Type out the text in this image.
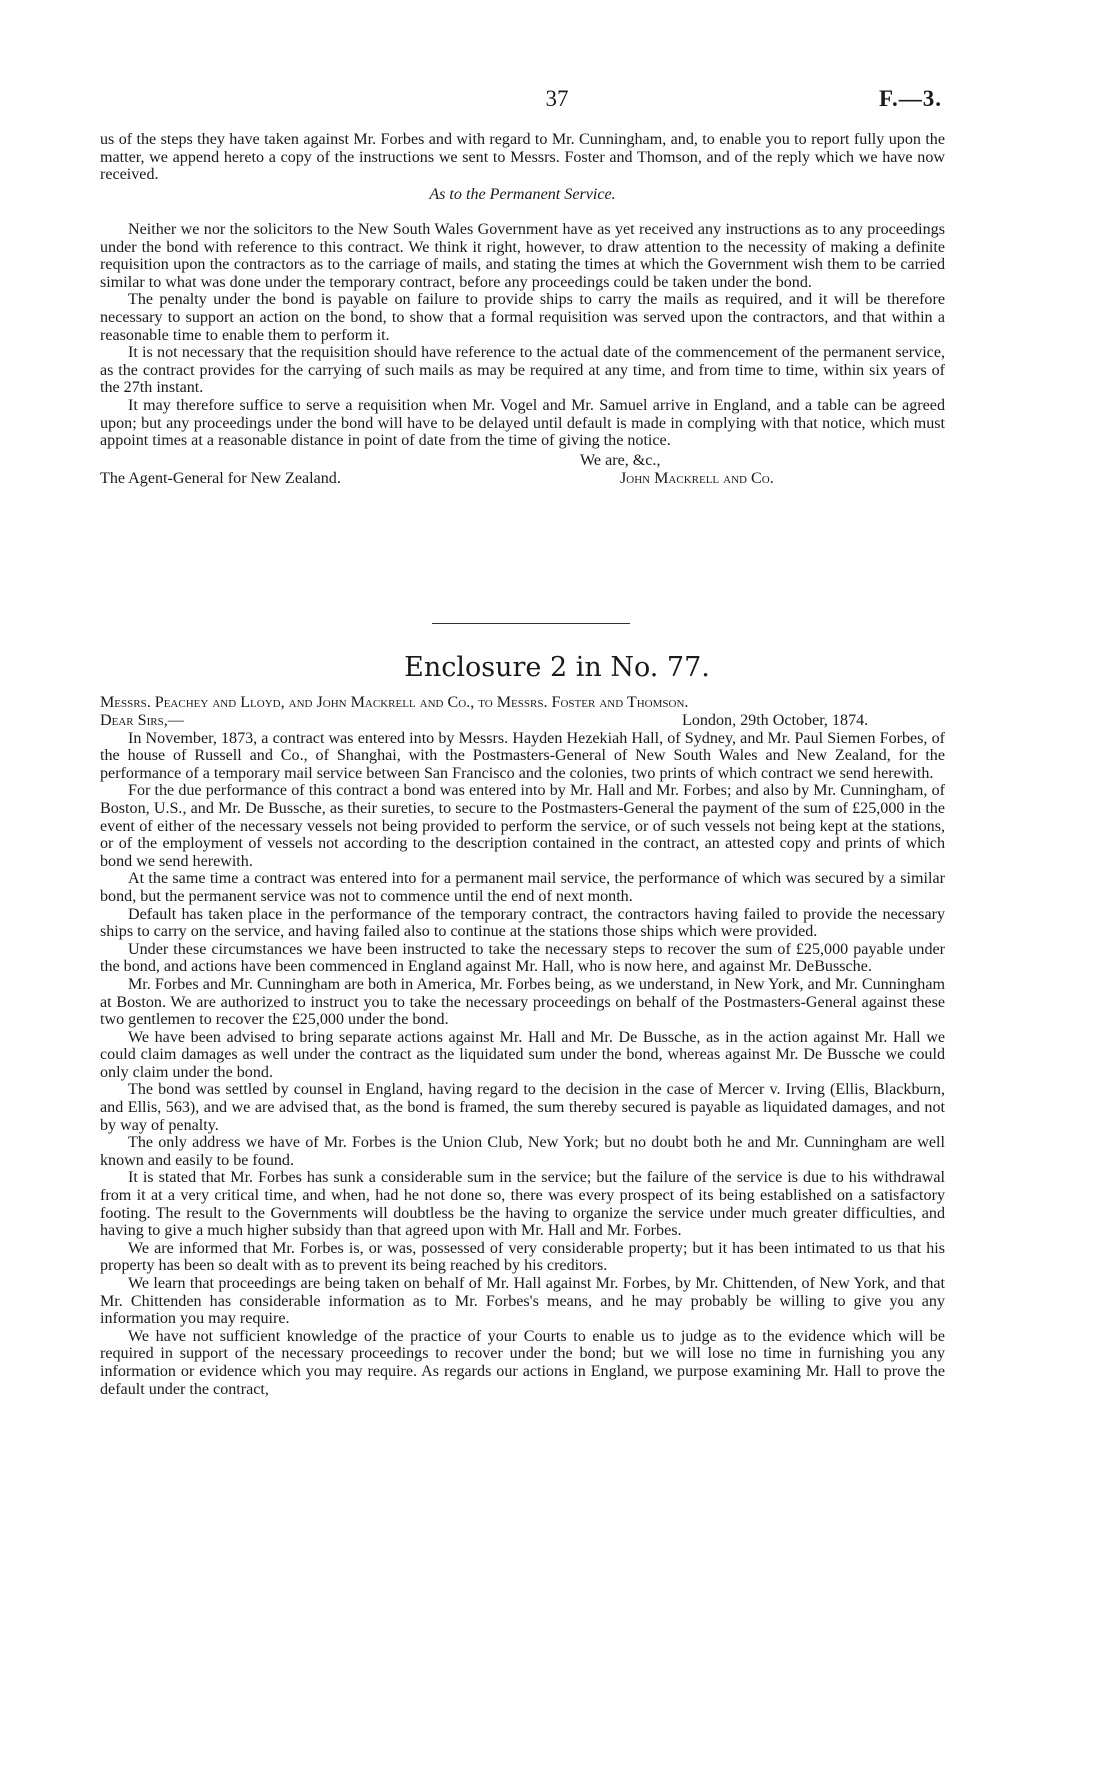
37	F.—3.

us of the steps they have taken against Mr. Forbes and with regard to Mr. Cunningham, and, to enable you to report fully upon the matter, we append hereto a copy of the instructions we sent to Messrs. Foster and Thomson, and of the reply which we have now received.

As to the Permanent Service.

Neither we nor the solicitors to the New South Wales Government have as yet received any instructions as to any proceedings under the bond with reference to this contract. We think it right, however, to draw attention to the necessity of making a definite requisition upon the contractors as to the carriage of mails, and stating the times at which the Government wish them to be carried similar to what was done under the temporary contract, before any proceedings could be taken under the bond.

The penalty under the bond is payable on failure to provide ships to carry the mails as required, and it will be therefore necessary to support an action on the bond, to show that a formal requisition was served upon the contractors, and that within a reasonable time to enable them to perform it.

It is not necessary that the requisition should have reference to the actual date of the commencement of the permanent service, as the contract provides for the carrying of such mails as may be required at any time, and from time to time, within six years of the 27th instant.

It may therefore suffice to serve a requisition when Mr. Vogel and Mr. Samuel arrive in England, and a table can be agreed upon; but any proceedings under the bond will have to be delayed until default is made in complying with that notice, which must appoint times at a reasonable distance in point of date from the time of giving the notice.

We are, &c.,
The Agent-General for New Zealand.	John Mackrell and Co.
Enclosure 2 in No. 77.

Messrs. Peachey and Lloyd, and John Mackrell and Co., to Messrs. Foster and Thomson.

Dear Sirs,—	London, 29th October, 1874.

In November, 1873, a contract was entered into by Messrs. Hayden Hezekiah Hall, of Sydney, and Mr. Paul Siemen Forbes, of the house of Russell and Co., of Shanghai, with the Postmasters-General of New South Wales and New Zealand, for the performance of a temporary mail service between San Francisco and the colonies, two prints of which contract we send herewith.

For the due performance of this contract a bond was entered into by Mr. Hall and Mr. Forbes; and also by Mr. Cunningham, of Boston, U.S., and Mr. De Bussche, as their sureties, to secure to the Postmasters-General the payment of the sum of £25,000 in the event of either of the necessary vessels not being provided to perform the service, or of such vessels not being kept at the stations, or of the employment of vessels not according to the description contained in the contract, an attested copy and prints of which bond we send herewith.

At the same time a contract was entered into for a permanent mail service, the performance of which was secured by a similar bond, but the permanent service was not to commence until the end of next month.

Default has taken place in the performance of the temporary contract, the contractors having failed to provide the necessary ships to carry on the service, and having failed also to continue at the stations those ships which were provided.

Under these circumstances we have been instructed to take the necessary steps to recover the sum of £25,000 payable under the bond, and actions have been commenced in England against Mr. Hall, who is now here, and against Mr. DeBussche.

Mr. Forbes and Mr. Cunningham are both in America, Mr. Forbes being, as we understand, in New York, and Mr. Cunningham at Boston. We are authorized to instruct you to take the necessary proceedings on behalf of the Postmasters-General against these two gentlemen to recover the £25,000 under the bond.

We have been advised to bring separate actions against Mr. Hall and Mr. De Bussche, as in the action against Mr. Hall we could claim damages as well under the contract as the liquidated sum under the bond, whereas against Mr. De Bussche we could only claim under the bond.

The bond was settled by counsel in England, having regard to the decision in the case of Mercer v. Irving (Ellis, Blackburn, and Ellis, 563), and we are advised that, as the bond is framed, the sum thereby secured is payable as liquidated damages, and not by way of penalty.

The only address we have of Mr. Forbes is the Union Club, New York; but no doubt both he and Mr. Cunningham are well known and easily to be found.

It is stated that Mr. Forbes has sunk a considerable sum in the service; but the failure of the service is due to his withdrawal from it at a very critical time, and when, had he not done so, there was every prospect of its being established on a satisfactory footing. The result to the Governments will doubtless be the having to organize the service under much greater difficulties, and having to give a much higher subsidy than that agreed upon with Mr. Hall and Mr. Forbes.

We are informed that Mr. Forbes is, or was, possessed of very considerable property; but it has been intimated to us that his property has been so dealt with as to prevent its being reached by his creditors.

We learn that proceedings are being taken on behalf of Mr. Hall against Mr. Forbes, by Mr. Chittenden, of New York, and that Mr. Chittenden has considerable information as to Mr. Forbes's means, and he may probably be willing to give you any information you may require.

We have not sufficient knowledge of the practice of your Courts to enable us to judge as to the evidence which will be required in support of the necessary proceedings to recover under the bond; but we will lose no time in furnishing you any information or evidence which you may require. As regards our actions in England, we purpose examining Mr. Hall to prove the default under the contract,
